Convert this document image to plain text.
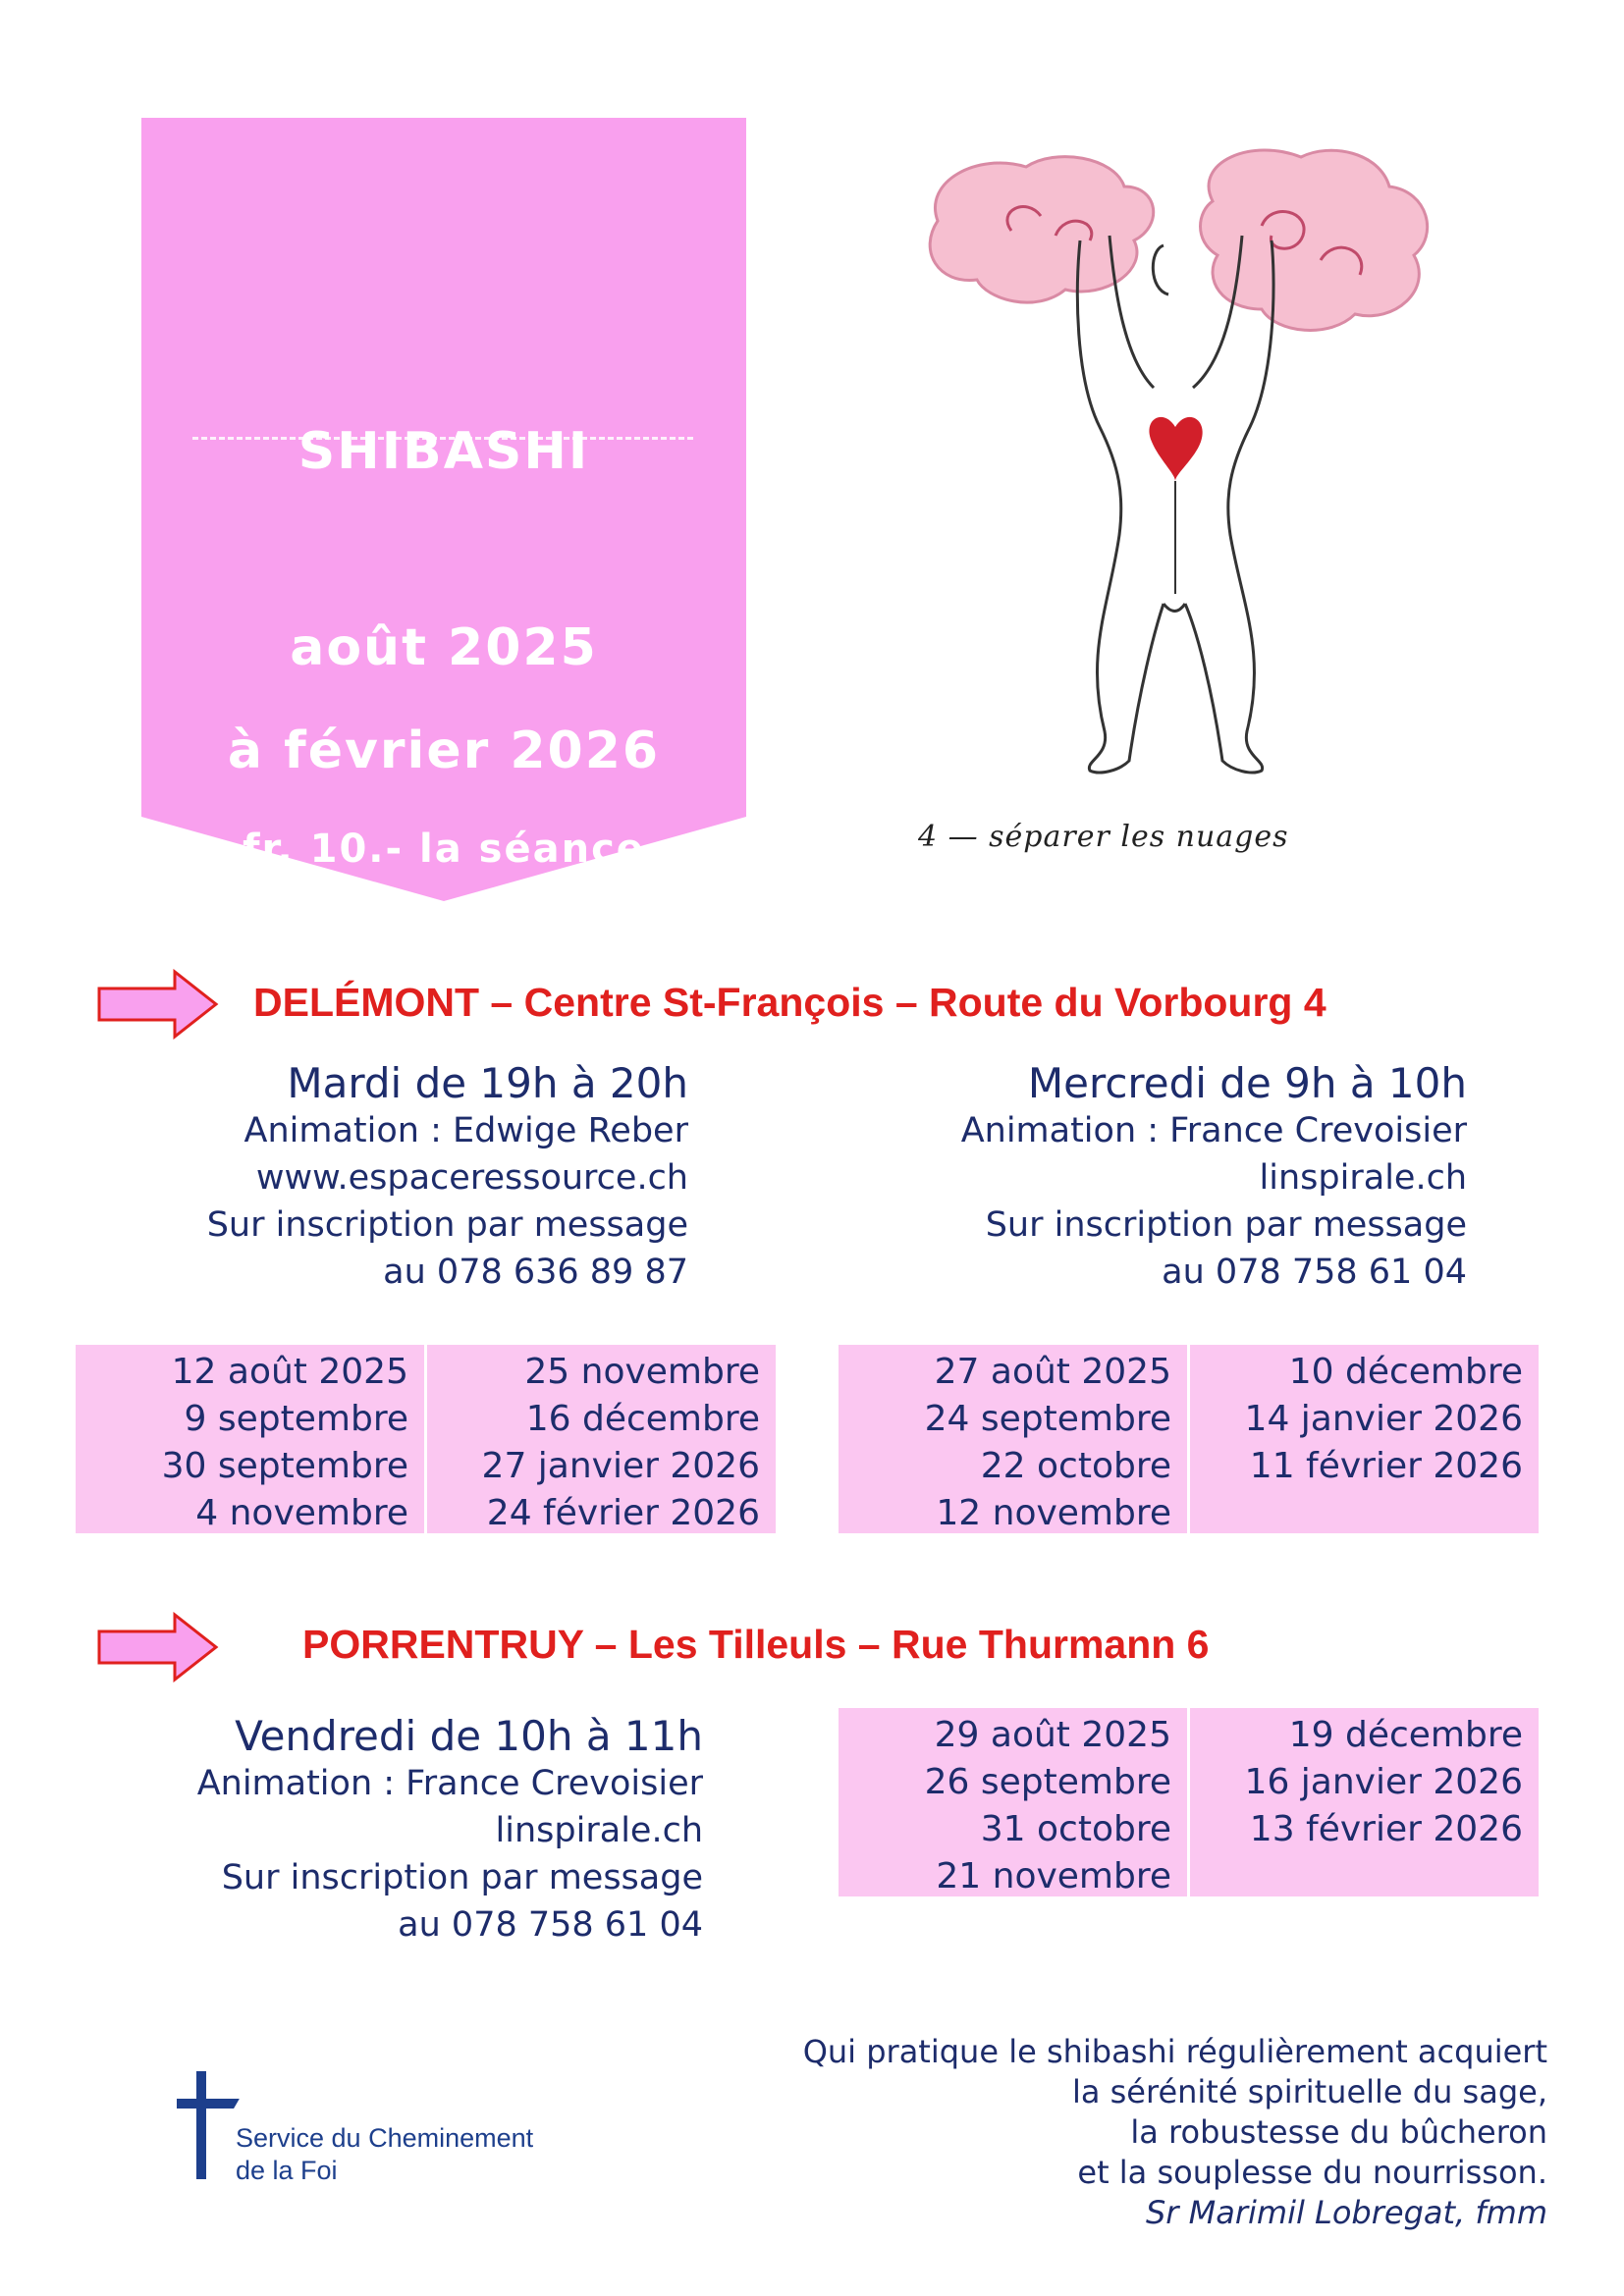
SHIBASHI
août 2025
à février 2026
fr. 10.- la séance	4 — séparer les nuages
DELÉMONT – Centre St-François – Route du Vorbourg 4
Mardi de 19h à 20h
Animation : Edwige Reber
www.espaceressource.ch
Sur inscription par message
au 078 636 89 87
Mercredi de 9h à 10h
Animation : France Crevoisier
linspirale.ch
Sur inscription par message
au 078 758 61 04
12 août 2025
9 septembre
30 septembre
4 novembre
25 novembre
16 décembre
27 janvier 2026
24 février 2026
27 août 2025
24 septembre
22 octobre
12 novembre
10 décembre
14 janvier 2026
11 février 2026
PORRENTRUY – Les Tilleuls – Rue Thurmann 6
Vendredi de 10h à 11h
Animation : France Crevoisier
linspirale.ch
Sur inscription par message
au 078 758 61 04
29 août 2025
26 septembre
31 octobre
21 novembre
19 décembre
16 janvier 2026
13 février 2026
Service du Cheminement
de la Foi
Qui pratique le shibashi régulièrement acquiert
la sérénité spirituelle du sage,
la robustesse du bûcheron
et la souplesse du nourrisson.
Sr Marimil Lobregat, fmm
